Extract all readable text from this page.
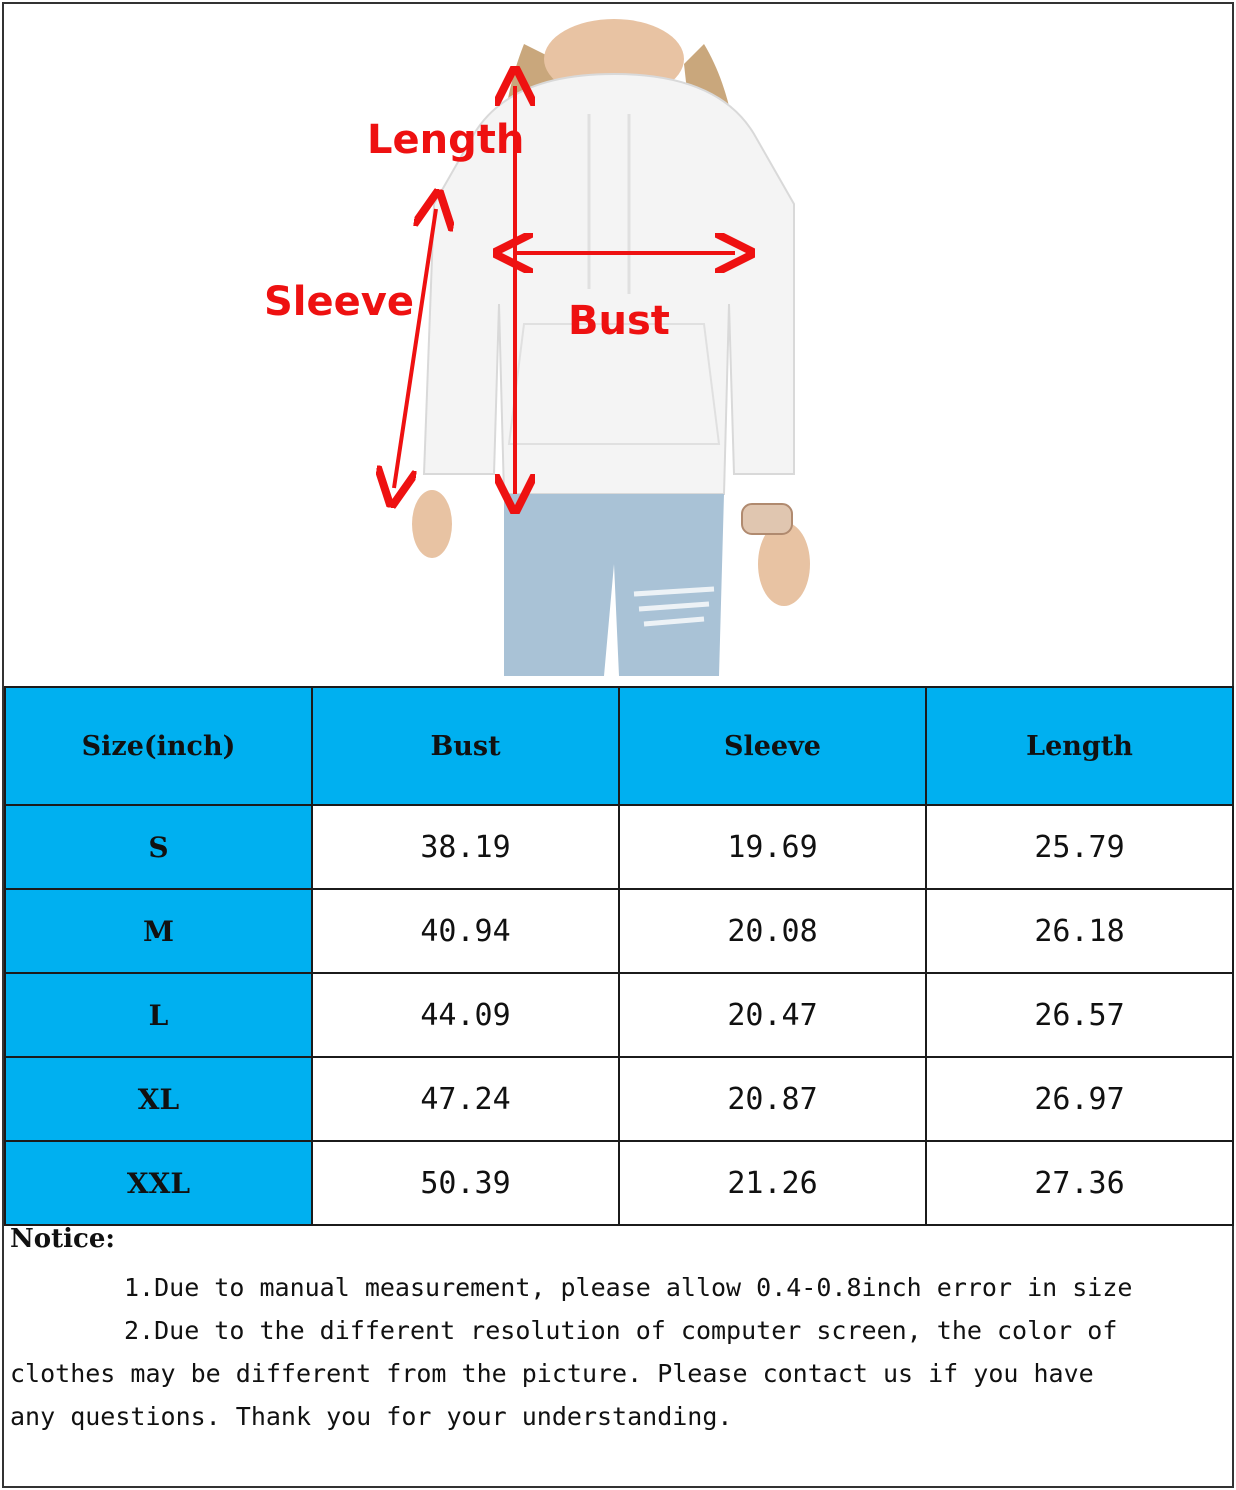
Length
Sleeve	Bust
Size(inch)	Bust	Sleeve	Length
S	38.19	19.69	25.79
M	40.94	20.08	26.18
L	44.09	20.47	26.57
XL	47.24	20.87	26.97
XXL	50.39	21.26	27.36
Notice:

1.Due to manual measurement, please allow 0.4-0.8inch error in size

2.Due to the different resolution of computer screen, the color of

clothes may be different from the picture. Please contact us if you have

any questions. Thank you for your understanding.
